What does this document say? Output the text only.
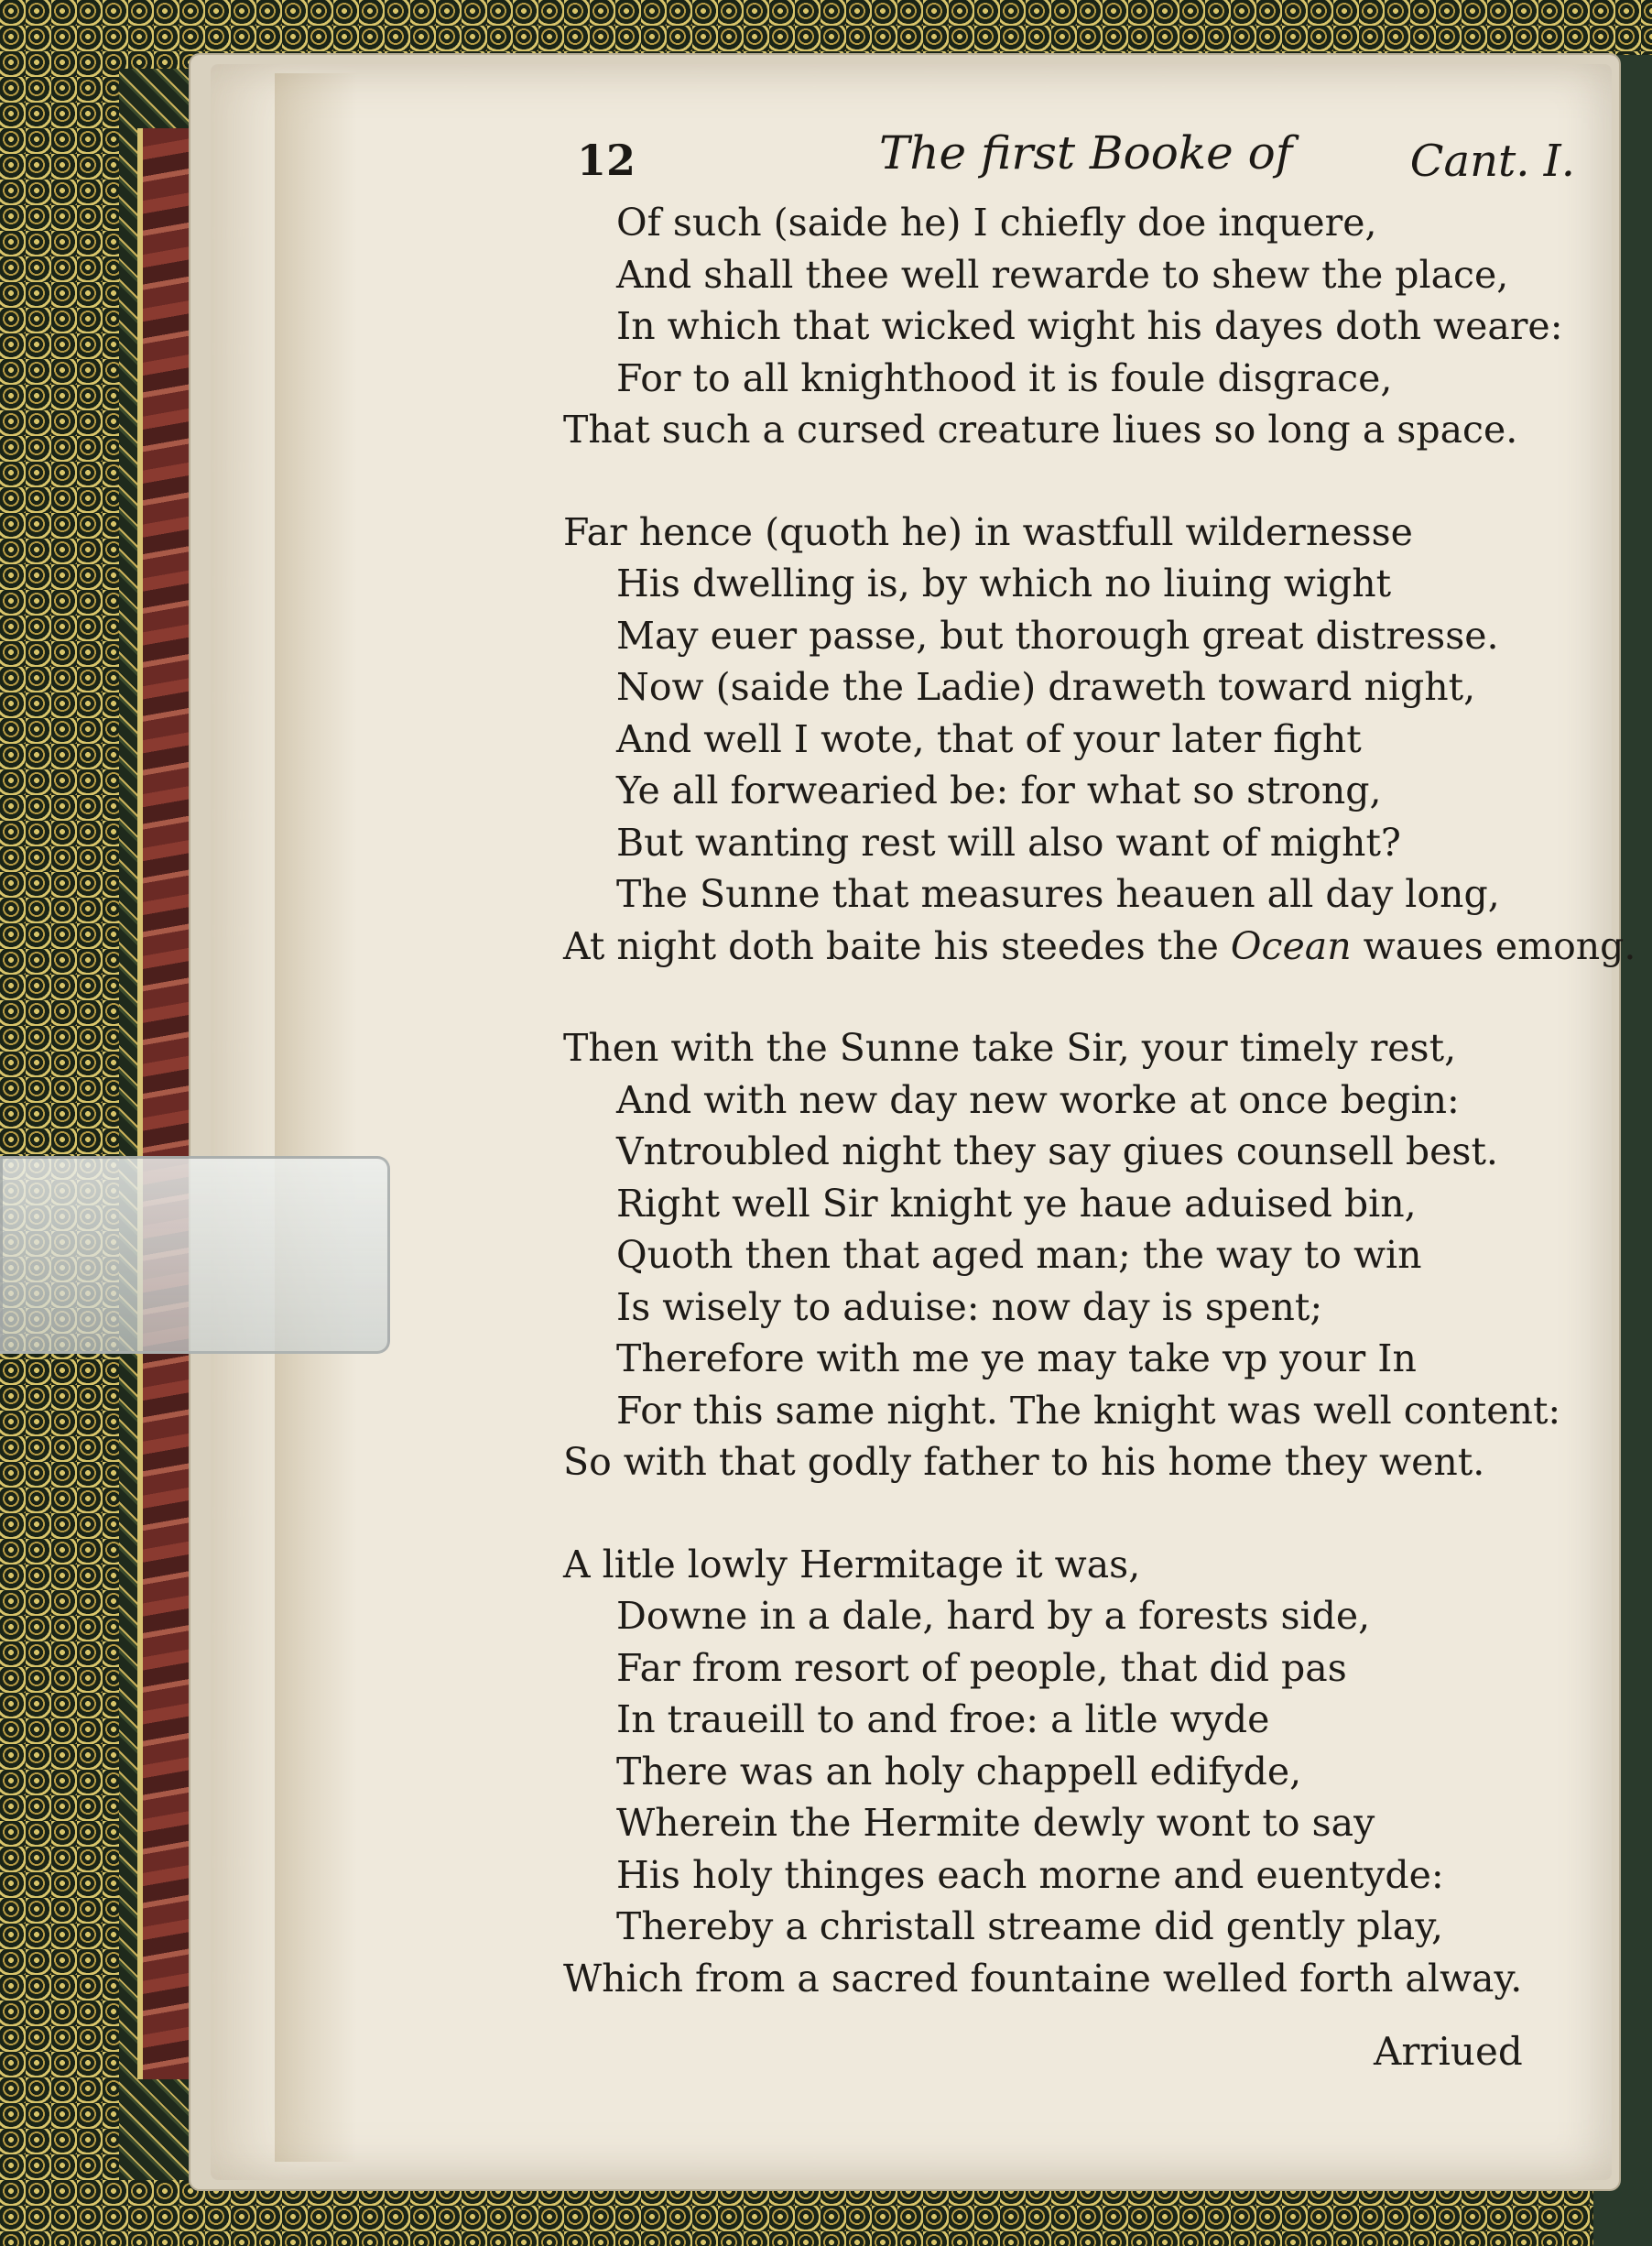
12	The first Booke of	Cant. I.
Of such (saide he) I chiefly doe inquere,
And shall thee well rewarde to shew the place,
In which that wicked wight his dayes doth weare:
For to all knighthood it is foule disgrace,
That such a cursed creature liues so long a space.
Far hence (quoth he) in wastfull wildernesse
His dwelling is, by which no liuing wight
May euer passe, but thorough great distresse.
Now (saide the Ladie) draweth toward night,
And well I wote, that of your later fight
Ye all forwearied be: for what so strong,
But wanting rest will also want of might?
The Sunne that measures heauen all day long,
At night doth baite his steedes the Ocean waues emong.
Then with the Sunne take Sir, your timely rest,
And with new day new worke at once begin:
Vntroubled night they say giues counsell best.
Right well Sir knight ye haue aduised bin,
Quoth then that aged man; the way to win
Is wisely to aduise: now day is spent;
Therefore with me ye may take vp your In
For this same night. The knight was well content:
So with that godly father to his home they went.
A litle lowly Hermitage it was,
Downe in a dale, hard by a forests side,
Far from resort of people, that did pas
In traueill to and froe: a litle wyde
There was an holy chappell edifyde,
Wherein the Hermite dewly wont to say
His holy thinges each morne and euentyde:
Thereby a christall streame did gently play,
Which from a sacred fountaine welled forth alway.
Arriued
